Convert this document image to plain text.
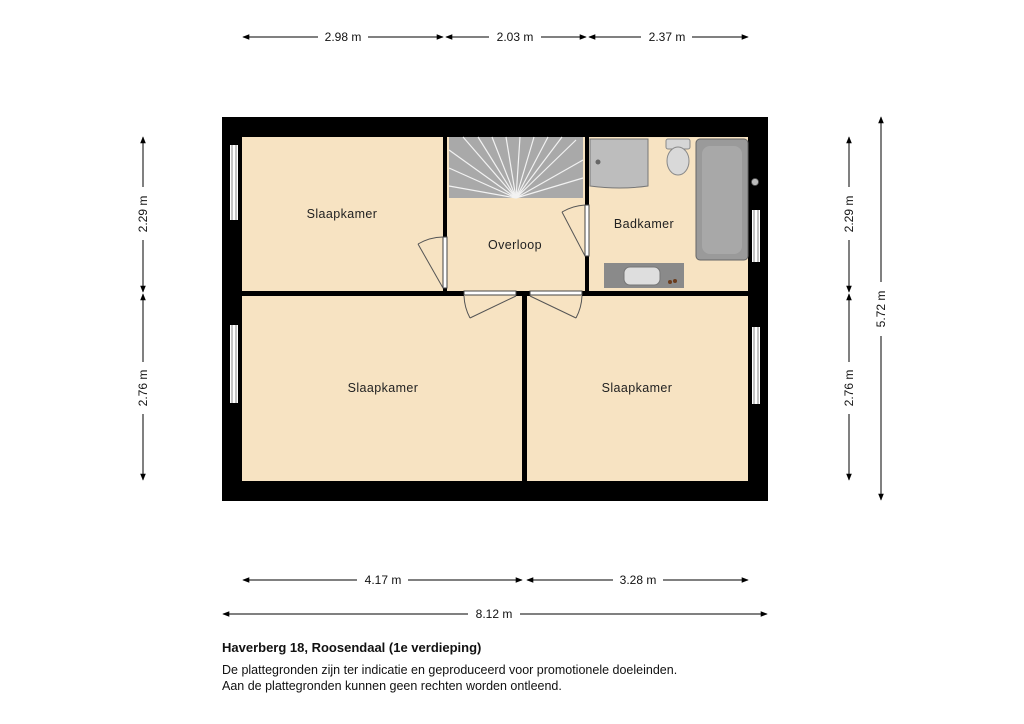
Slaapkamer
Overloop
Badkamer
Slaapkamer	Slaapkamer
2.98 m	2.03 m	2.37 m
2.29 m
2.76 m
2.29 m
2.76 m
5.72 m
4.17 m	3.28 m
8.12 m

Haverberg 18, Roosendaal (1e verdieping)

De plattegronden zijn ter indicatie en geproduceerd voor promotionele doeleinden.

Aan de plattegronden kunnen geen rechten worden ontleend.
